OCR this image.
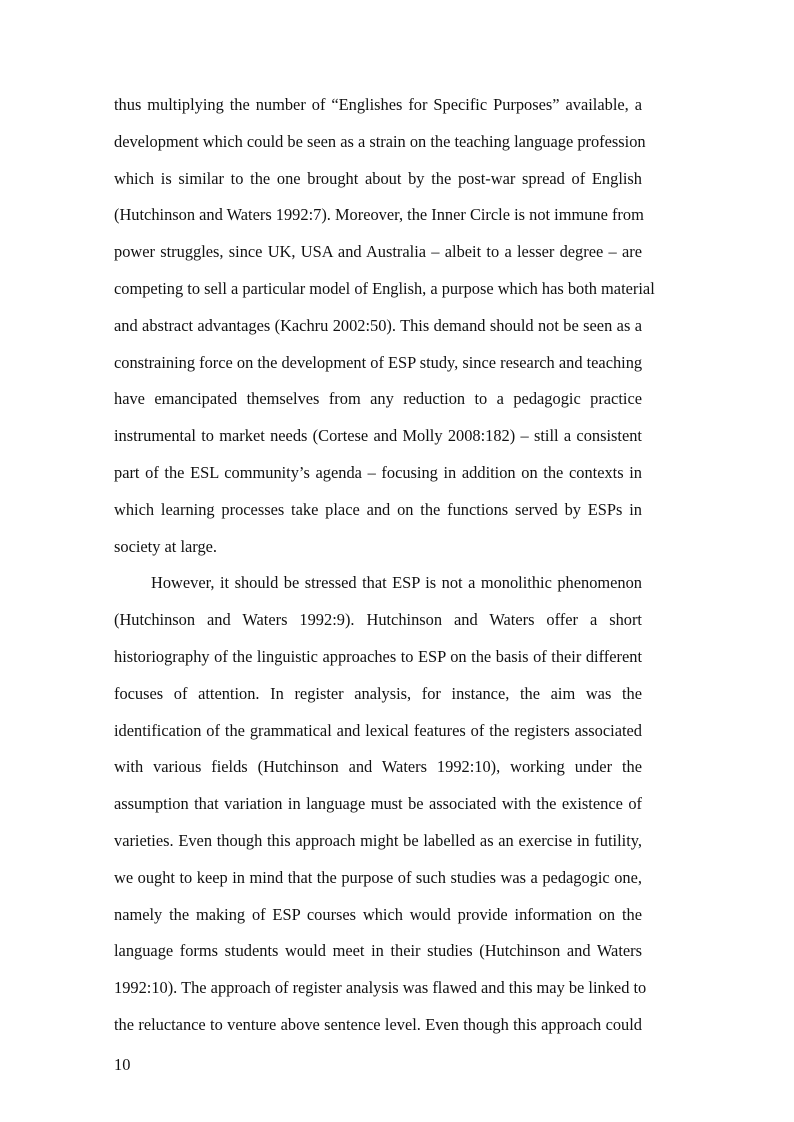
thus multiplying the number of “Englishes for Specific Purposes” available, a
development which could be seen as a strain on the teaching language profession
which is similar to the one brought about by the post-war spread of English
(Hutchinson and Waters 1992:7). Moreover, the Inner Circle is not immune from
power struggles, since UK, USA and Australia – albeit to a lesser degree – are
competing to sell a particular model of English, a purpose which has both material
and abstract advantages (Kachru 2002:50). This demand should not be seen as a
constraining force on the development of ESP study, since research and teaching
have emancipated themselves from any reduction to a pedagogic practice
instrumental to market needs (Cortese and Molly 2008:182) – still a consistent
part of the ESL community’s agenda – focusing in addition on the contexts in
which learning processes take place and on the functions served by ESPs in
society at large.
However, it should be stressed that ESP is not a monolithic phenomenon
(Hutchinson and Waters 1992:9). Hutchinson and Waters offer a short
historiography of the linguistic approaches to ESP on the basis of their different
focuses of attention. In register analysis, for instance, the aim was the
identification of the grammatical and lexical features of the registers associated
with various fields (Hutchinson and Waters 1992:10), working under the
assumption that variation in language must be associated with the existence of
varieties. Even though this approach might be labelled as an exercise in futility,
we ought to keep in mind that the purpose of such studies was a pedagogic one,
namely the making of ESP courses which would provide information on the
language forms students would meet in their studies (Hutchinson and Waters
1992:10). The approach of register analysis was flawed and this may be linked to
the reluctance to venture above sentence level. Even though this approach could

10
